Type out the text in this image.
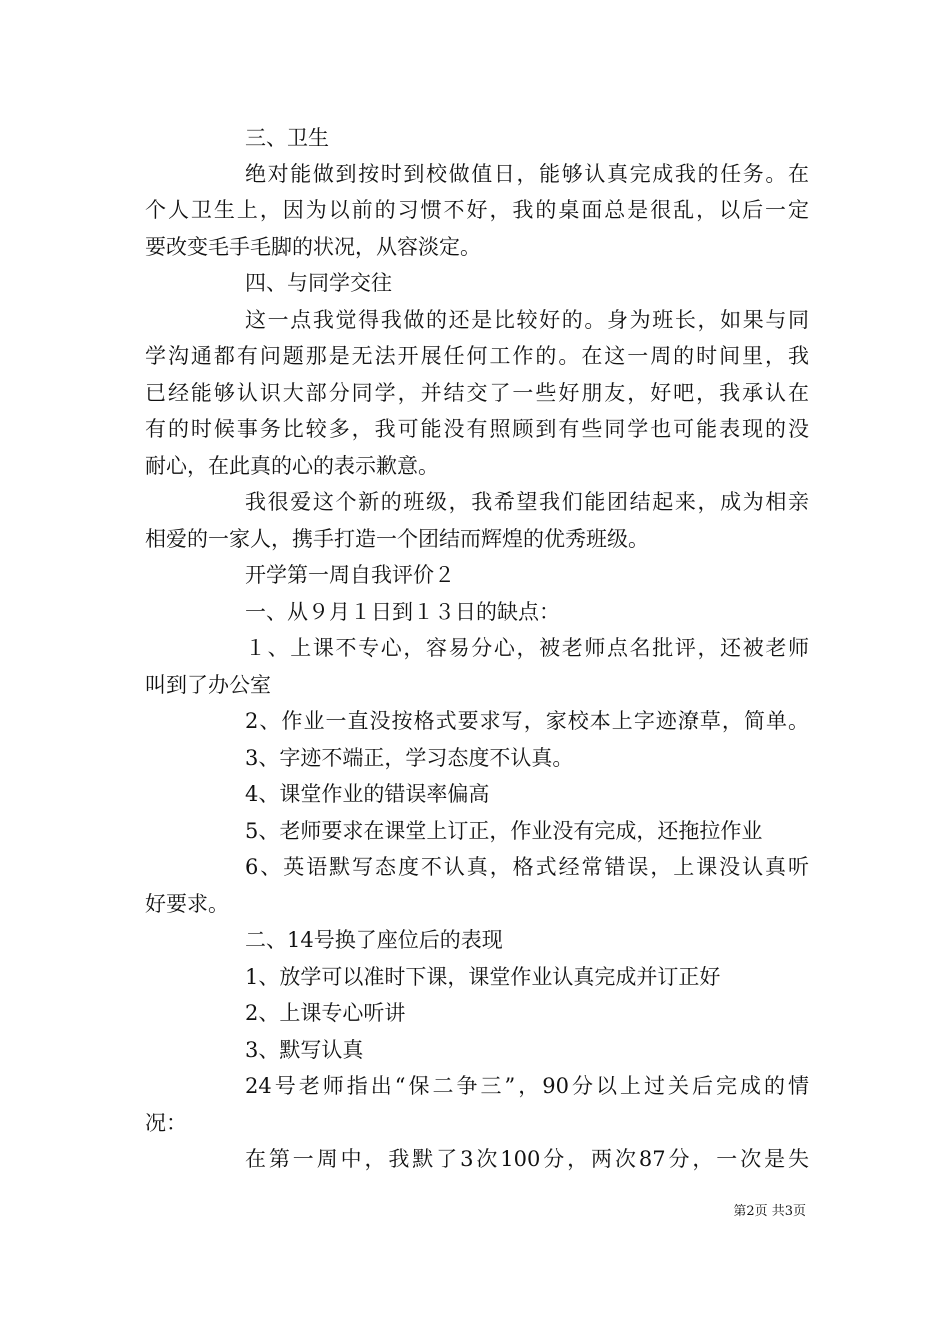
三、卫生
绝对能做到按时到校做值日，能够认真完成我的任务。在
个人卫生上，因为以前的习惯不好，我的桌面总是很乱，以后一定
要改变毛手毛脚的状况，从容淡定。
四、与同学交往
这一点我觉得我做的还是比较好的。身为班长，如果与同
学沟通都有问题那是无法开展任何工作的。在这一周的时间里，我
已经能够认识大部分同学，并结交了一些好朋友，好吧，我承认在
有的时候事务比较多，我可能没有照顾到有些同学也可能表现的没
耐心，在此真的心的表示歉意。
我很爱这个新的班级，我希望我们能团结起来，成为相亲
相爱的一家人，携手打造一个团结而辉煌的优秀班级。
开学第一周自我评价２
一、从９月１日到１３日的缺点：
１、上课不专心，容易分心，被老师点名批评，还被老师
叫到了办公室
2、作业一直没按格式要求写，家校本上字迹潦草，简单。
3、字迹不端正，学习态度不认真。
4、课堂作业的错误率偏高
5、老师要求在课堂上订正，作业没有完成，还拖拉作业
6、英语默写态度不认真，格式经常错误，上课没认真听
好要求。
二、14号换了座位后的表现
1、放学可以准时下课，课堂作业认真完成并订正好
2、上课专心听讲
3、默写认真
24号老师指出“保二争三”，90分以上过关后完成的情
况：
在第一周中，我默了3次100分，两次87分，一次是失
第2页 共3页
